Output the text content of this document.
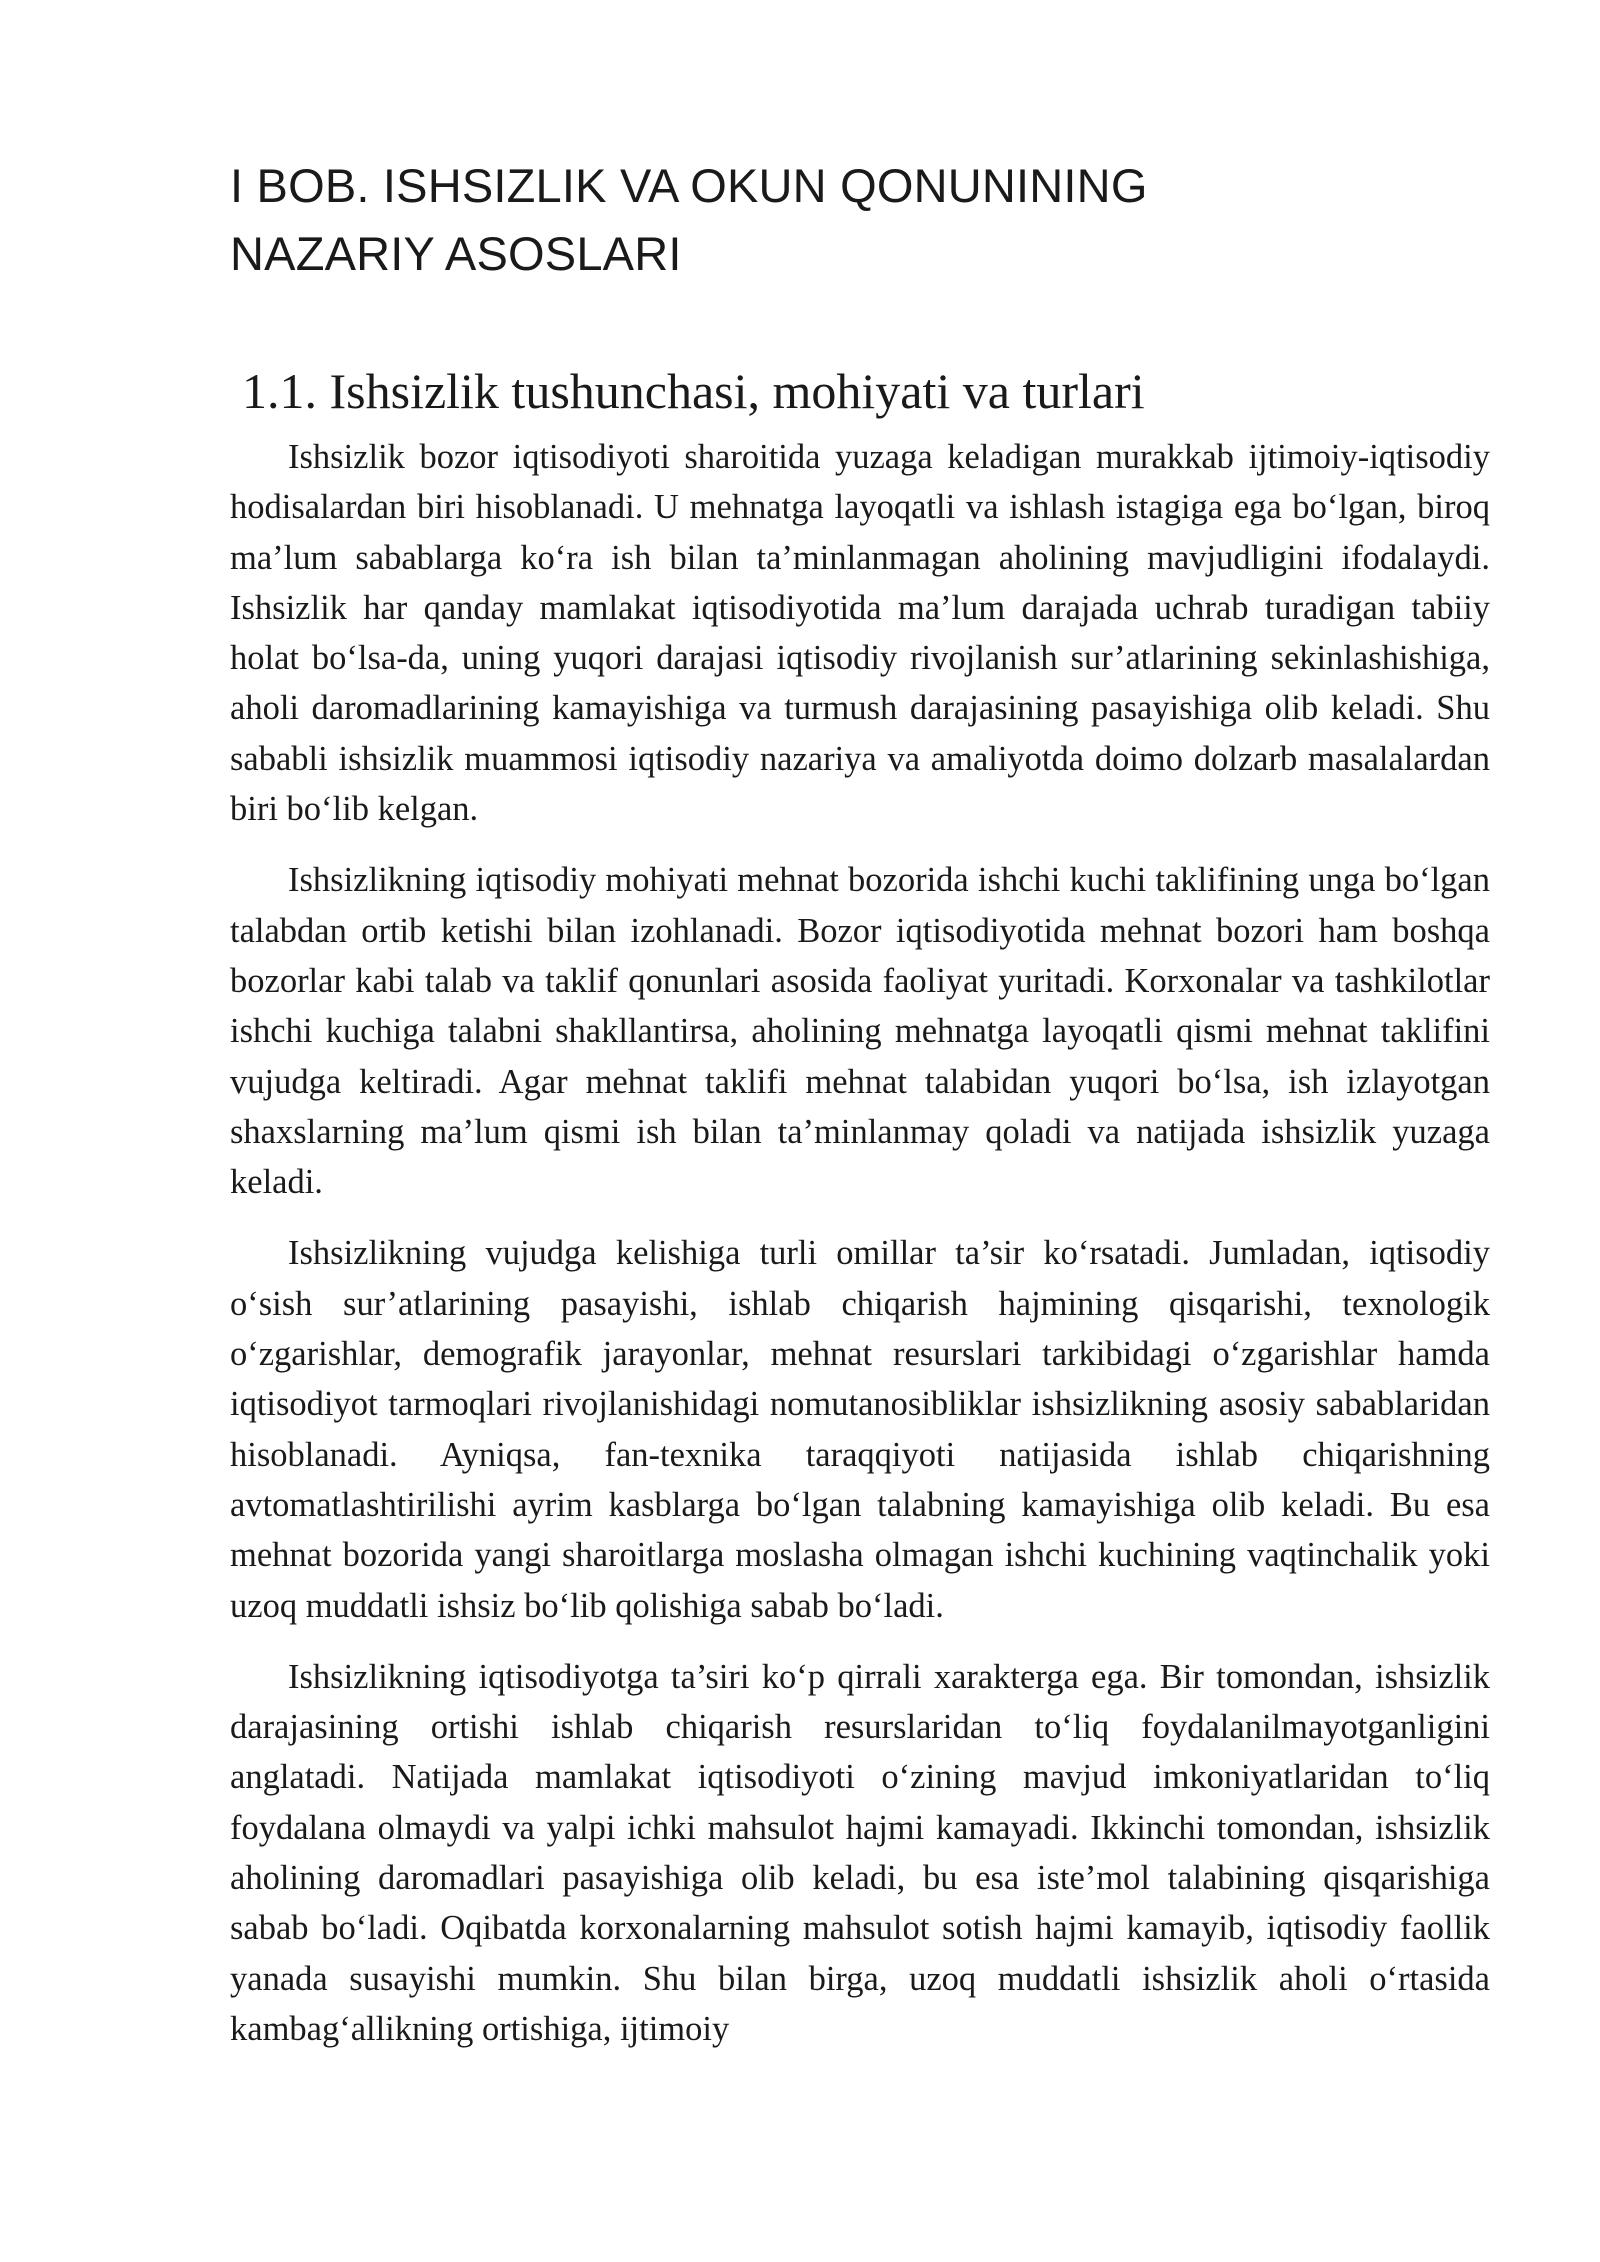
I BOB. ISHSIZLIK VA OKUN QONUNINING
NAZARIY ASOSLARI
1.1. Ishsizlik tushunchasi, mohiyati va turlari

Ishsizlik bozor iqtisodiyoti sharoitida yuzaga keladigan murakkab ijtimoiy-iqtisodiy hodisalardan biri hisoblanadi. U mehnatga layoqatli va ishlash istagiga ega bo‘lgan, biroq ma’lum sabablarga ko‘ra ish bilan ta’minlanmagan aholining mavjudligini ifodalaydi. Ishsizlik har qanday mamlakat iqtisodiyotida ma’lum darajada uchrab turadigan tabiiy holat bo‘lsa-da, uning yuqori darajasi iqtisodiy rivojlanish sur’atlarining sekinlashishiga, aholi daromadlarining kamayishiga va turmush darajasining pasayishiga olib keladi. Shu sababli ishsizlik muammosi iqtisodiy nazariya va amaliyotda doimo dolzarb masalalardan biri bo‘lib kelgan.

Ishsizlikning iqtisodiy mohiyati mehnat bozorida ishchi kuchi taklifining unga bo‘lgan talabdan ortib ketishi bilan izohlanadi. Bozor iqtisodiyotida mehnat bozori ham boshqa bozorlar kabi talab va taklif qonunlari asosida faoliyat yuritadi. Korxonalar va tashkilotlar ishchi kuchiga talabni shakllantirsa, aholining mehnatga layoqatli qismi mehnat taklifini vujudga keltiradi. Agar mehnat taklifi mehnat talabidan yuqori bo‘lsa, ish izlayotgan shaxslarning ma’lum qismi ish bilan ta’minlanmay qoladi va natijada ishsizlik yuzaga keladi.

Ishsizlikning vujudga kelishiga turli omillar ta’sir ko‘rsatadi. Jumladan, iqtisodiy o‘sish sur’atlarining pasayishi, ishlab chiqarish hajmining qisqarishi, texnologik o‘zgarishlar, demografik jarayonlar, mehnat resurslari tarkibidagi o‘zgarishlar hamda iqtisodiyot tarmoqlari rivojlanishidagi nomutanosibliklar ishsizlikning asosiy sabablaridan hisoblanadi. Ayniqsa, fan-texnika taraqqiyoti natijasida ishlab chiqarishning avtomatlashtirilishi ayrim kasblarga bo‘lgan talabning kamayishiga olib keladi. Bu esa mehnat bozorida yangi sharoitlarga moslasha olmagan ishchi kuchining vaqtinchalik yoki uzoq muddatli ishsiz bo‘lib qolishiga sabab bo‘ladi.

Ishsizlikning iqtisodiyotga ta’siri ko‘p qirrali xarakterga ega. Bir tomondan, ishsizlik darajasining ortishi ishlab chiqarish resurslaridan to‘liq foydalanilmayotganligini anglatadi. Natijada mamlakat iqtisodiyoti o‘zining mavjud imkoniyatlaridan to‘liq foydalana olmaydi va yalpi ichki mahsulot hajmi kamayadi. Ikkinchi tomondan, ishsizlik aholining daromadlari pasayishiga olib keladi, bu esa iste’mol talabining qisqarishiga sabab bo‘ladi. Oqibatda korxonalarning mahsulot sotish hajmi kamayib, iqtisodiy faollik yanada susayishi mumkin. Shu bilan birga, uzoq muddatli ishsizlik aholi o‘rtasida kambag‘allikning ortishiga, ijtimoiy
